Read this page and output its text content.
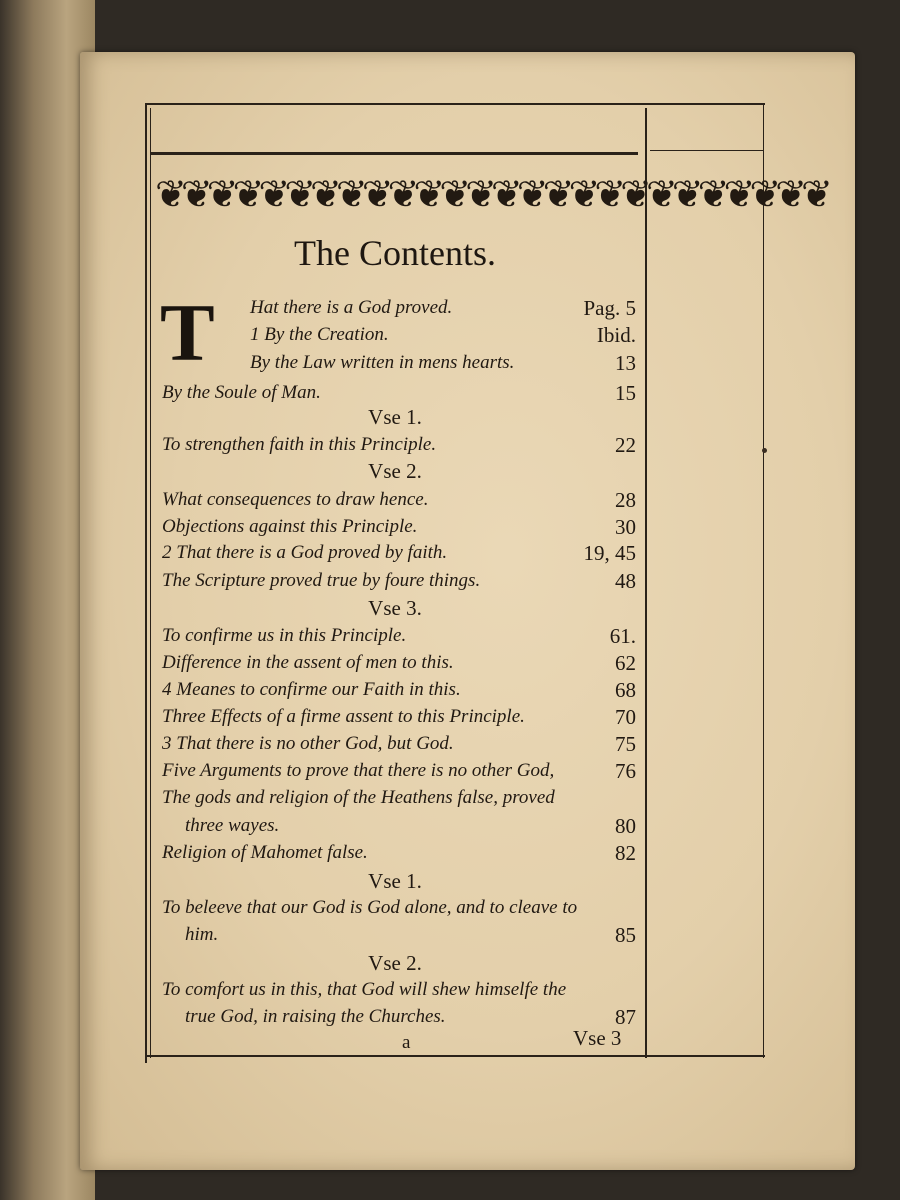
❦❦❦❦❦❦❦❦❦❦❦❦❦❦❦❦❦❦❦❦❦❦❦❦❦❦
The Contents.
T Hat there is a God proved.	Pag. 5
1 By the Creation.	Ibid.
By the Law written in mens hearts.	13
By the Soule of Man.	15
Vse 1.
To strengthen faith in this Principle.	22
Vse 2.
What consequences to draw hence.	28
Objections against this Principle.	30
2 That there is a God proved by faith.	19, 45
The Scripture proved true by foure things.	48
Vse 3.
To confirme us in this Principle.	61.
Difference in the assent of men to this.	62
4 Meanes to confirme our Faith in this.	68
Three Effects of a firme assent to this Principle.	70
3 That there is no other God, but God.	75
Five Arguments to prove that there is no other God,	76
The gods and religion of the Heathens false, proved
three wayes.	80
Religion of Mahomet false.	82
Vse 1.
To beleeve that our God is God alone, and to cleave to
him.	85
Vse 2.
To comfort us in this, that God will shew himselfe the
true God, in raising the Churches.	87
a	Vse 3
